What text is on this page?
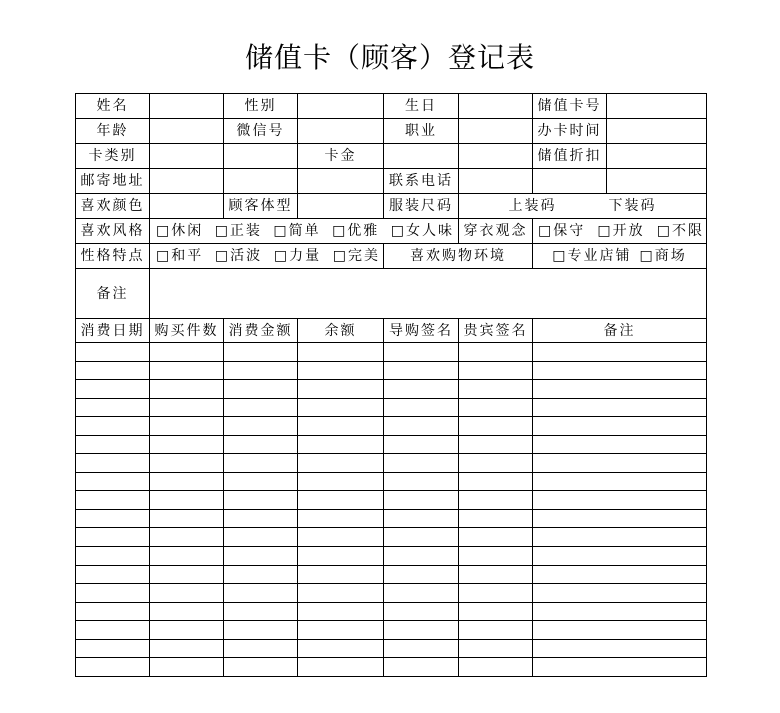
储值卡（顾客）登记表
姓名		性别		生日		储值卡号	
年龄		微信号		职业		办卡时间	
卡类别			卡金			储值折扣	
邮寄地址				联系电话			
喜欢颜色		顾客体型		服装尺码	上装码 下装码		

喜欢风格	□休闲 □正装 □简单 □优雅 □女人味				穿衣观念	□保守 □开放 □不限	

性格特点	□和平 □活波 □力量 □完美			喜欢购物环境		□专业店铺 □商场	

备注							
消费日期	购买件数	消费金额	余额	导购签名	贵宾签名	备注	
